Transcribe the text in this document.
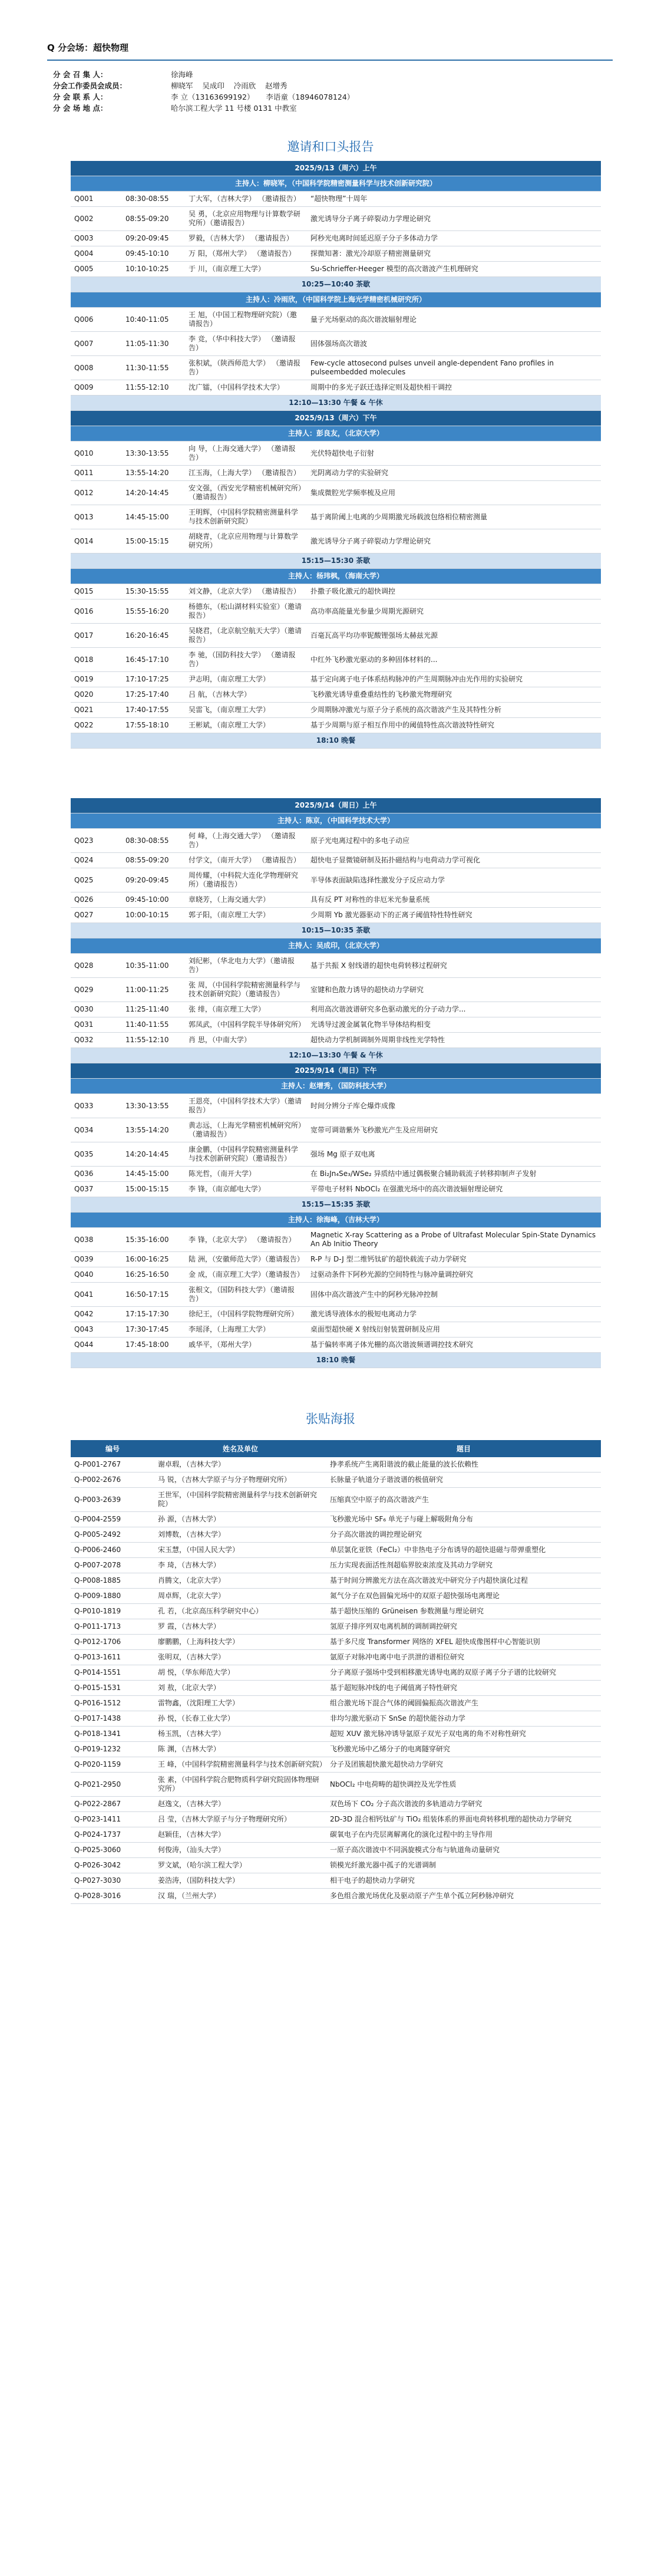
Q 分会场：超快物理
分 会 召 集 人：	徐海峰
分会工作委员会成员：	柳晓军    吴成印    冷雨欣    赵增秀
分 会 联 系 人：	李 立（13163699192）     李语童（18946078124）
分 会 场 地 点：	哈尔滨工程大学 11 号楼 0131 中教室
邀请和口头报告
2025/9/13（周六）上午			
主持人：柳晓军，（中国科学院精密测量科学与技术创新研究院）			
Q001	08:30-08:55	丁大军，（吉林大学） （邀请报告）	“超快物理”十周年
Q002	08:55-09:20	吴 勇，（北京应用物理与计算数学研究所）（邀请报告）	激光诱导分子离子碎裂动力学理论研究
Q003	09:20-09:45	罗毅，（吉林大学） （邀请报告）	阿秒光电离时间延迟原子分子多体动力学
Q004	09:45-10:10	万 阳，（郑州大学） （邀请报告）	探微知著：激光冷却原子精密测量研究
Q005	10:10-10:25	于 川，（南京理工大学）	Su-Schrieffer-Heeger 模型的高次谐波产生机理研究
10:25—10:40 茶歇			
主持人：冷雨欣，（中国科学院上海光学精密机械研究所）			
Q006	10:40-11:05	王 旭，（中国工程物理研究院）（邀请报告）	量子光场驱动的高次谐波辐射理论
Q007	11:05-11:30	李 竞，（华中科技大学） （邀请报告）	固体强场高次谐波
Q008	11:30-11:55	张积斌，（陕西师范大学） （邀请报告）	Few-cycle attosecond pulses unveil angle-dependent Fano profiles in pulseembedded molecules
Q009	11:55-12:10	沈广镭，（中国科学技术大学）	周期中的多光子跃迁选择定则及超快相干调控
12:10—13:30 午餐 & 午休			
2025/9/13（周六）下午			
主持人：彭良友，（北京大学）			
Q010	13:30-13:55	向 导，（上海交通大学） （邀请报告）	光伏特超快电子衍射
Q011	13:55-14:20	江玉海，（上海大学） （邀请报告）	光阴离动力学的实验研究
Q012	14:20-14:45	安文强，（西安光学精密机械研究所）（邀请报告）	集成微腔光学频率梳及应用
Q013	14:45-15:00	王明辉，（中国科学院精密测量科学与技术创新研究院）	基于离阶阈上电离的少周期激光场载波包络相位精密测量
Q014	15:00-15:15	胡晓青，（北京应用物理与计算数学研究所）	激光诱导分子离子碎裂动力学理论研究
15:15—15:30 茶歇			
主持人：杨玮枫，（海南大学）			
Q015	15:30-15:55	刘文静，（北京大学） （邀请报告）	扑撒子吸化激元的超快调控
Q016	15:55-16:20	杨德东，（松山湖材料实验室）（邀请报告）	高功率高能量光参量少周期光源研究
Q017	16:20-16:45	吴晓君，（北京航空航天大学）（邀请报告）	百毫瓦高平均功率铌酸锂强场太赫兹光源
Q018	16:45-17:10	李 驰，（国防科技大学） （邀请报告）	中红外飞秒激光驱动的多种固体材料的...
Q019	17:10-17:25	尹志明，（南京理工大学）	基于定向离子电子体系结构脉冲的产生周期脉冲由光作用的实验研究
Q020	17:25-17:40	吕 航，（吉林大学）	飞秒激光诱导重叠重结性的飞秒激光物理研究
Q021	17:40-17:55	吴雷飞，（南京理工大学）	少周期脉冲激光与原子分子系统的高次谐波产生及其特性分析
Q022	17:55-18:10	王彬斌，（南京理工大学）	基于少周期与原子相互作用中的阈值特性高次谐波特性研究
18:10 晚餐			
2025/9/14（周日）上午			
主持人：陈京，（中国科学技术大学）			
Q023	08:30-08:55	何 峰，（上海交通大学） （邀请报告）	原子光电离过程中的多电子动应
Q024	08:55-09:20	付学文，（南开大学） （邀请报告）	超快电子显微镜研制及拓扑磁结构与电荷动力学可视化
Q025	09:20-09:45	周传耀，（中科院大连化学物理研究所）（邀请报告）	半导体表面缺陷选择性激发分子反应动力学
Q026	09:45-10:00	章晓芳，（上海交通大学）	具有反 PT 对称性的非厄米光参量系统
Q027	10:00-10:15	郭子阳，（南京理工大学）	少周期 Yb 激光器驱动下的正离子阈值特性特性研究
10:15—10:35 茶歇			
主持人：吴成印，（北京大学）			
Q028	10:35-11:00	刘纪彬，（华北电力大学）（邀请报告）	基于共振 X 射线谱的超快电荷转移过程研究
Q029	11:00-11:25	张 周，（中国科学院精密测量科学与技术创新研究院）（邀请报告）	室键和色散力诱导的超快动力学研究
Q030	11:25-11:40	张 绯，（南京理工大学）	利用高次谐波谱研究多色驱动激光的分子动力学...
Q031	11:40-11:55	郭凤武，（中国科学院半导体研究所）	光诱导过渡金属氧化物半导体结构相变
Q032	11:55-12:10	肖 思，（中南大学）	超快动力学机制调制外周期非线性光学特性
12:10—13:30 午餐 & 午休			
2025/9/14（周日）下午			
主持人：赵增秀，（国防科技大学）			
Q033	13:30-13:55	王恩亮，（中国科学技术大学）（邀请报告）	时间分辨分子库仑爆炸成像
Q034	13:55-14:20	黄志远，（上海光学精密机械研究所）（邀请报告）	宽带可调谐紫外飞秒激光产生及应用研究
Q035	14:20-14:45	康金鹏，（中国科学院精密测量科学与技术创新研究院）（邀请报告）	强场 Mg 原子双电离
Q036	14:45-15:00	陈光哲，（南开大学）	在 Bi₂Jn₄Se₃/WSe₂ 异质结中通过偶极聚合辅助载流子转移抑制声子发射
Q037	15:00-15:15	李 锋，（南京邮电大学）	平带电子材料 NbOCl₂ 在强激光场中的高次谐波辐射理论研究
15:15—15:35 茶歇			
主持人：徐海峰，（吉林大学）			
Q038	15:35-16:00	李 锋，（北京大学） （邀请报告）	Magnetic X-ray Scattering as a Probe of Ultrafast Molecular Spin-State Dynamics An Ab Initio Theory
Q039	16:00-16:25	陆 洲，（安徽师范大学）（邀请报告）	R-P 与 D-J 型二维钙钛矿的超快载流子动力学研究
Q040	16:25-16:50	金 成，（南京理工大学）（邀请报告）	过驱动条件下阿秒光源的空间特性与脉冲量调控研究
Q041	16:50-17:15	张根文，（国防科技大学）（邀请报告）	固体中高次谐波产生中的阿秒光脉冲控制
Q042	17:15-17:30	徐纪王，（中国科学院物理研究所）	激光诱导液体水的极短电离动力学
Q043	17:30-17:45	李瑶泽，（上海理工大学）	桌面型超快硬 X 射线衍射装置研制及应用
Q044	17:45-18:00	戚华平，（郑州大学）	基于偏转率离子体光栅的高次谐波频谱调控技术研究
18:10 晚餐			
张贴海报
编号	姓名及单位	题目
Q-P001-2767	谢卓瑕，（吉林大学）	挣孝系统产生离阳谐波的截止能量的波长依赖性
Q-P002-2676	马 锐，（吉林大学原子与分子物理研究所）	长脉量子轨道分子谐波谱的极值研究
Q-P003-2639	王世军，（中国科学院精密测量科学与技术创新研究院）	压缩真空中原子的高次谐波产生
Q-P004-2559	孙 源，（吉林大学）	飞秒激光场中 SF₆ 单光子与碰上解吸附角分布
Q-P005-2492	刘博数，（吉林大学）	分子高次谐波的调控理论研究
Q-P006-2460	宋玉慧，（中国人民大学）	单层氯化亚铁（FeCl₂）中非热电子分布诱导的超快退磁与带弹重塑化
Q-P007-2078	李 琦，（吉林大学）	压力实现表面活性剂超临界胶束浓度及其动力学研究
Q-P008-1885	肖腾文，（北京大学）	基于时间分辨激光方法在高次谐波光中研究分子内超快演化过程
Q-P009-1880	周卓辉，（北京大学）	氮气分子在双色圆偏光场中的双原子超快强场电离理论
Q-P010-1819	孔 若，（北京高压科学研究中心）	基于超快压缩的 Grüneisen 参数测量与理论研究
Q-P011-1713	罗 霞，（吉林大学）	氢原子排序列双电离机制的调制调控研究
Q-P012-1706	廖鹏鹏，（上海科技大学）	基于多尺度 Transformer 网络的 XFEL 超快成像图样中心智能识别
Q-P013-1611	张明双，（吉林大学）	氩原子对脉冲电离中电子洪泄的谱相位研究
Q-P014-1551	胡 悦，（华东师范大学）	分子离原子强场中受到相移激光诱导电离的双原子离子分子谱的比较研究
Q-P015-1531	刘 敖，（北京大学）	基于超短脉冲线的电子阈值离子特性研究
Q-P016-1512	雷物鑫，（沈阳理工大学）	组合激光场下混合气体的阈圆偏振高次谐波产生
Q-P017-1438	孙 悦，（长春工业大学）	非均匀激光驱动下 SnSe 的超快能谷动力学
Q-P018-1341	杨玉凯，（吉林大学）	超短 XUV 激光脉冲诱导氩原子双光子双电离的角不对称性研究
Q-P019-1232	陈 渊，（吉林大学）	飞秒激光场中乙烯分子的电离隧穿研究
Q-P020-1159	王 峰，（中国科学院精密测量科学与技术创新研究院）	分子及团簇超快激光超快动力学研究
Q-P021-2950	张 素，（中国科学院合肥物质科学研究院固体物理研究所）	NbOCl₂ 中电荷畴的超快调控及光学性质
Q-P022-2867	赵逸文，（吉林大学）	双色场下 CO₂ 分子高次谐波的多轨道动力学研究
Q-P023-1411	吕 莹，（吉林大学原子与分子物理研究所）	2D-3D 混合相钙钛矿与 TiO₂ 组装体系的界面电荷转移机理的超快动力学研究
Q-P024-1737	赵颖佳，（吉林大学）	碳氧电子在内壳层离解离化的演化过程中的主导作用
Q-P025-3060	何俊涛，（汕头大学）	一原子高次谐波中不同涡旋模式分布与轨道角动量研究
Q-P026-3042	罗文斌，（哈尔滨工程大学）	锁模光纤激光器中孤子的光谱调制
Q-P027-3030	姜浩涛，（国防科技大学）	相干电子的超快动力学研究
Q-P028-3016	汉 瑞，（兰州大学）	多色组合激光场优化及驱动原子产生单个孤立阿秒脉冲研究
